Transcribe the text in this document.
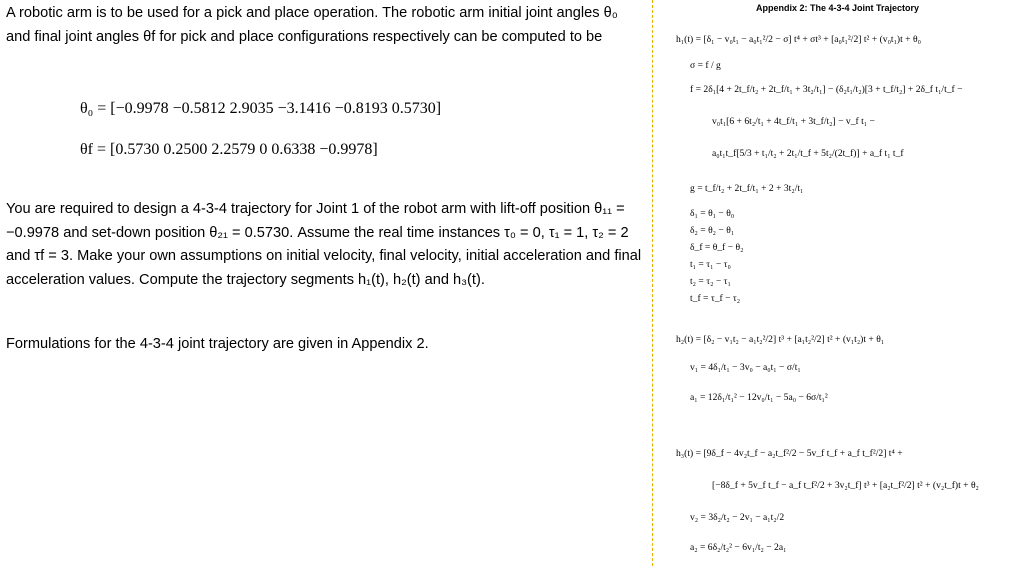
A robotic arm is to be used for a pick and place operation. The robotic arm initial joint angles θ₀ and final joint angles θf for pick and place configurations respectively can be computed to be
θ₀ = [−0.9978 −0.5812 2.9035 −3.1416 −0.8193 0.5730]
θf = [0.5730 0.2500 2.2579 0 0.6338 −0.9978]
You are required to design a 4-3-4 trajectory for Joint 1 of the robot arm with lift-off position θ₁₁ = −0.9978 and set-down position θ₂₁ = 0.5730. Assume the real time instances τ₀ = 0, τ₁ = 1, τ₂ = 2 and τf = 3. Make your own assumptions on initial velocity, final velocity, initial acceleration and final acceleration values. Compute the trajectory segments h₁(t), h₂(t) and h₃(t).
Formulations for the 4-3-4 joint trajectory are given in Appendix 2.
Appendix 2: The 4-3-4 Joint Trajectory
h₁(t) = [δ₁ − v₀t₁ − a₀t₁²/2 − σ] t⁴ + σt³ + [a₀t₁²/2] t² + (v₀t₁)t + θ₀
σ = f / g
f = 2δ₁[4 + 2t_f/t₂ + 2t_f/t₁ + 3t₂/t₁] − (δ₂t₁/t₂)[3 + t_f/t₂] + 2δ_f t₁/t_f −
v₀t₁[6 + 6t₂/t₁ + 4t_f/t₁ + 3t_f/t₂] − v_f t₁ −
a₀t₁t_f[5/3 + t₁/t₂ + 2t₁/t_f + 5t₂/(2t_f)] + a_f t₁ t_f
g = t_f/t₂ + 2t_f/t₁ + 2 + 3t₂/t₁
δ₁ = θ₁ − θ₀
δ₂ = θ₂ − θ₁
δ_f = θ_f − θ₂
t₁ = τ₁ − τ₀
t₂ = τ₂ − τ₁
t_f = τ_f − τ₂
h₂(t) = [δ₂ − v₁t₂ − a₁t₂²/2] t³ + [a₁t₂²/2] t² + (v₁t₂)t + θ₁
v₁ = 4δ₁/t₁ − 3v₀ − a₀t₁ − σ/t₁
a₁ = 12δ₁/t₁² − 12v₀/t₁ − 5a₀ − 6σ/t₁²
h₃(t) = [9δ_f − 4v₂t_f − a₂t_f²/2 − 5v_f t_f + a_f t_f²/2] t⁴ +
[−8δ_f + 5v_f t_f − a_f t_f²/2 + 3v₂t_f] t³ + [a₂t_f²/2] t² + (v₂t_f)t + θ₂
v₂ = 3δ₂/t₂ − 2v₁ − a₁t₂/2
a₂ = 6δ₂/t₂² − 6v₁/t₂ − 2a₁
